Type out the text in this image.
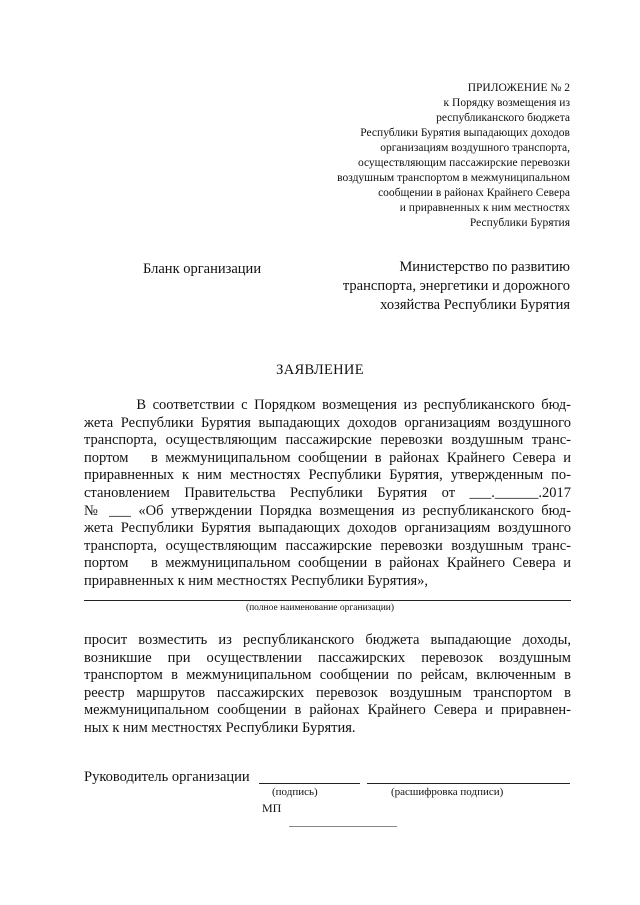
ПРИЛОЖЕНИЕ № 2
к Порядку возмещения из
республиканского бюджета
Республики Бурятия выпадающих доходов
организациям воздушного транспорта,
осуществляющим пассажирские перевозки
воздушным транспортом в межмуниципальном
сообщении в районах Крайнего Севера
и приравненных к ним местностях
Республики Бурятия
Бланк организации	Министерство по развитию
транспорта, энергетики и дорожного
хозяйства Республики Бурятия
ЗАЯВЛЕНИЕ
В соответствии с Порядком возмещения из республиканского бюд-
жета Республики Бурятия выпадающих доходов организациям воздушного
транспорта, осуществляющим пассажирские перевозки воздушным транс-
портом   в межмуниципальном сообщении в районах Крайнего Севера и
приравненных к ним местностях Республики Бурятия, утвержденным по-
становлением Правительства Республики Бурятия от ___.______.2017
№ ___ «Об утверждении Порядка возмещения из республиканского бюд-
жета Республики Бурятия выпадающих доходов организациям воздушного
транспорта, осуществляющим пассажирские перевозки воздушным транс-
портом   в межмуниципальном сообщении в районах Крайнего Севера и
приравненных к ним местностях Республики Бурятия»,
(полное наименование организации)
просит возместить из республиканского бюджета выпадающие доходы,
возникшие при осуществлении пассажирских перевозок воздушным
транспортом в межмуниципальном сообщении по рейсам, включенным в
реестр маршрутов пассажирских перевозок воздушным транспортом в
межмуниципальном сообщении в районах Крайнего Севера и приравнен-
ных к ним местностях Республики Бурятия.
Руководитель организации
(подпись)	(расшифровка подписи)
МП
